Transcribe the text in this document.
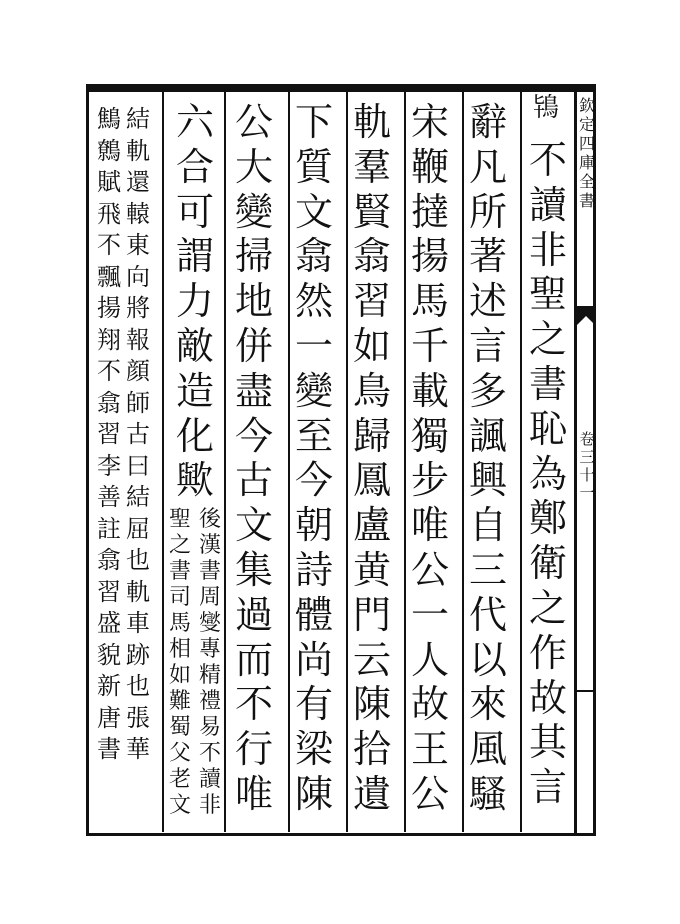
欽
定
四
庫
全
書
卷
三
十
一
鴇
不
讀
非
聖
之
書
恥
為
鄭
衛
之
作
故
其
言
辭
凡
所
著
述
言
多
諷
興
自
三
代
以
來
風
騷
宋
鞭
撻
揚
馬
千
載
獨
步
唯
公
一
人
故
王
公
軌
羣
賢
翕
習
如
鳥
歸
鳳
盧
黄
門
云
陳
拾
遺
下
質
文
翕
然
一
變
至
今
朝
詩
體
尚
有
梁
陳
公
大
變
掃
地
併
盡
今
古
文
集
過
而
不
行
唯
六
合
可
謂
力
敵
造
化
歟
後
漢
書
周
燮
專
精
禮
易
不
讀
非
聖
之
書
司
馬
相
如
難
蜀
父
老
文
結
軌
還
轅
東
向
將
報
顔
師
古
曰
結
屈
也
軌
車
跡
也
張
華
鷦
鷯
賦
飛
不
飄
揚
翔
不
翕
習
李
善
註
翕
習
盛
貌
新
唐
書
